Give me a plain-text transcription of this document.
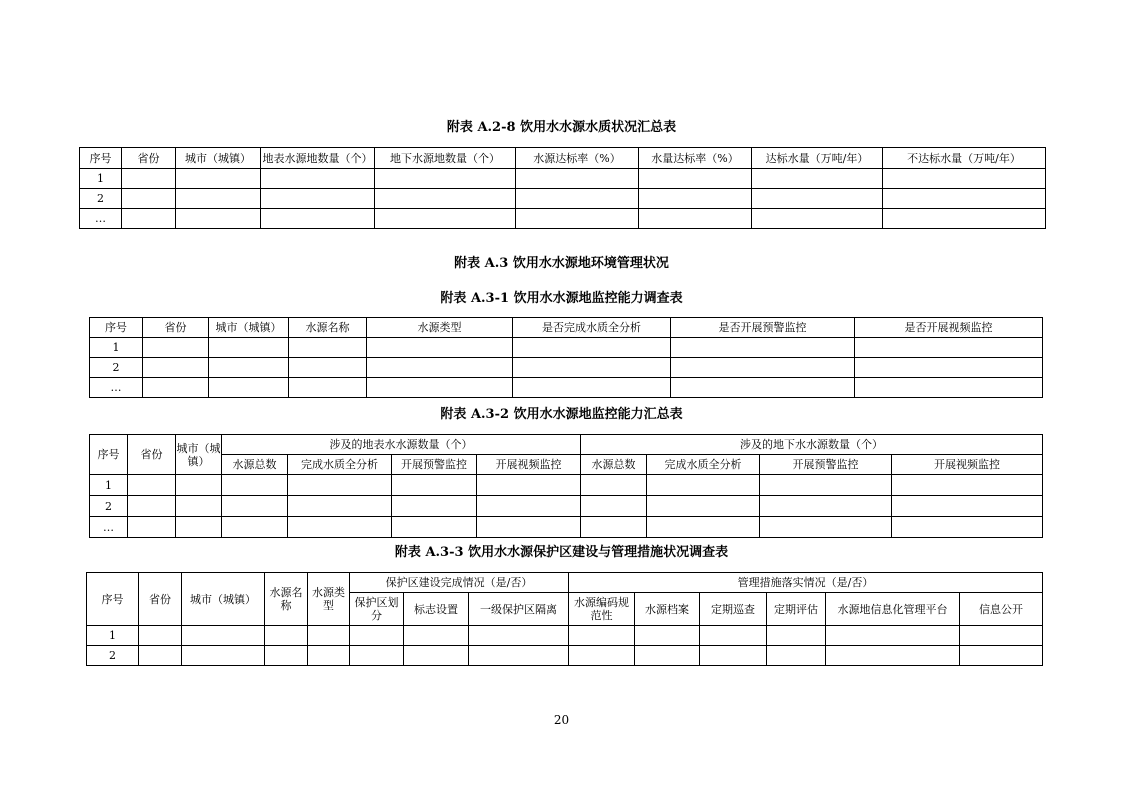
附表 A.2-8 饮用水水源水质状况汇总表
序号	省份	城市（城镇）	地表水源地数量（个）	地下水源地数量（个）	水源达标率（%）	水量达标率（%）	达标水量（万吨/年）	不达标水量（万吨/年）
1								
2								
…								
附表 A.3 饮用水水源地环境管理状况
附表 A.3-1 饮用水水源地监控能力调查表
序号	省份	城市（城镇）	水源名称	水源类型	是否完成水质全分析	是否开展预警监控	是否开展视频监控
1							
2							
…							
附表 A.3-2 饮用水水源地监控能力汇总表
序号	省份	城市（城镇）	涉及的地表水水源数量（个）				涉及的地下水水源数量（个）			
			水源总数	完成水质全分析	开展预警监控	开展视频监控	水源总数	完成水质全分析	开展预警监控	开展视频监控
1										
2										
…										
附表 A.3-3 饮用水水源保护区建设与管理措施状况调查表
序号	省份	城市（城镇）	水源名称	水源类型	保护区建设完成情况（是/否）			管理措施落实情况（是/否）					
					保护区划分	标志设置	一级保护区隔离	水源编码规范性	水源档案	定期巡查	定期评估	水源地信息化管理平台	信息公开
1													
2													
20
